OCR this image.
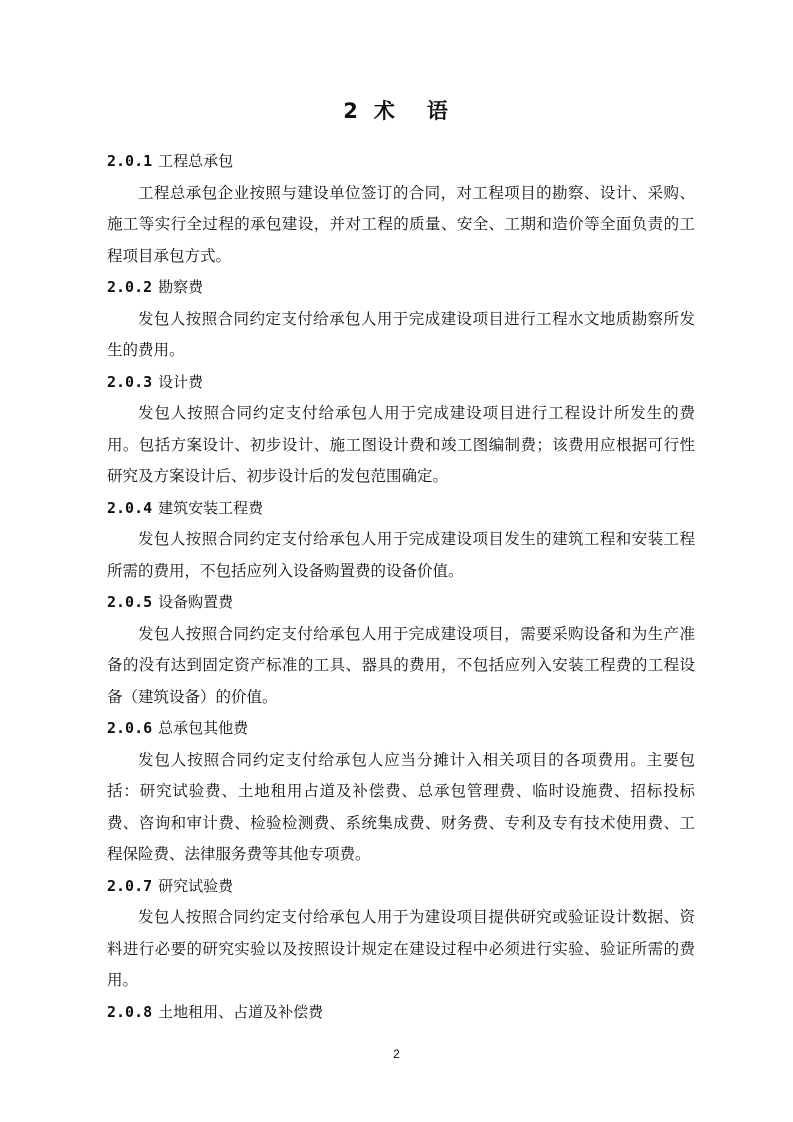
2 术 语
2.0.1 工程总承包

工程总承包企业按照与建设单位签订的合同，对工程项目的勘察、设计、采购、施工等实行全过程的承包建设，并对工程的质量、安全、工期和造价等全面负责的工程项目承包方式。

2.0.2 勘察费

发包人按照合同约定支付给承包人用于完成建设项目进行工程水文地质勘察所发生的费用。

2.0.3 设计费

发包人按照合同约定支付给承包人用于完成建设项目进行工程设计所发生的费用。包括方案设计、初步设计、施工图设计费和竣工图编制费；该费用应根据可行性研究及方案设计后、初步设计后的发包范围确定。

2.0.4 建筑安装工程费

发包人按照合同约定支付给承包人用于完成建设项目发生的建筑工程和安装工程所需的费用，不包括应列入设备购置费的设备价值。

2.0.5 设备购置费

发包人按照合同约定支付给承包人用于完成建设项目，需要采购设备和为生产准备的没有达到固定资产标准的工具、器具的费用，不包括应列入安装工程费的工程设备（建筑设备）的价值。

2.0.6 总承包其他费

发包人按照合同约定支付给承包人应当分摊计入相关项目的各项费用。主要包括：研究试验费、土地租用占道及补偿费、总承包管理费、临时设施费、招标投标费、咨询和审计费、检验检测费、系统集成费、财务费、专利及专有技术使用费、工程保险费、法律服务费等其他专项费。

2.0.7 研究试验费

发包人按照合同约定支付给承包人用于为建设项目提供研究或验证设计数据、资料进行必要的研究实验以及按照设计规定在建设过程中必须进行实验、验证所需的费用。

2.0.8 土地租用、占道及补偿费
2
